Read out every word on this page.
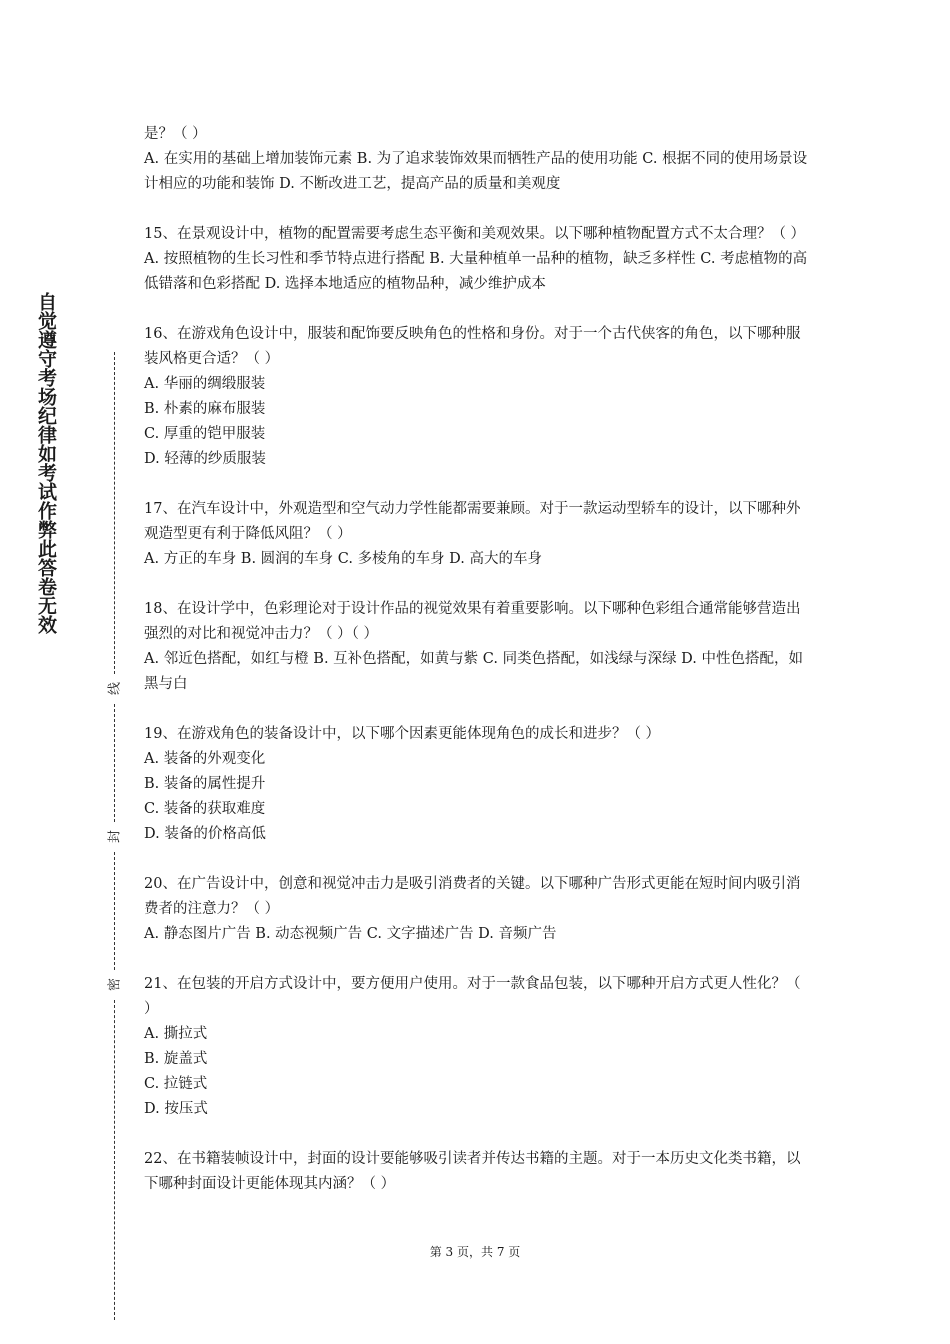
自觉遵守考场纪律如考试作弊此答卷无效
线
封
密
是？（ ）
A. 在实用的基础上增加装饰元素 B. 为了追求装饰效果而牺牲产品的使用功能 C. 根据不同的使用场景设计相应的功能和装饰 D. 不断改进工艺，提高产品的质量和美观度
15、在景观设计中，植物的配置需要考虑生态平衡和美观效果。以下哪种植物配置方式不太合理？（ ）
A. 按照植物的生长习性和季节特点进行搭配 B. 大量种植单一品种的植物，缺乏多样性 C. 考虑植物的高低错落和色彩搭配 D. 选择本地适应的植物品种，减少维护成本
16、在游戏角色设计中，服装和配饰要反映角色的性格和身份。对于一个古代侠客的角色，以下哪种服装风格更合适？（ ）
A. 华丽的绸缎服装
B. 朴素的麻布服装
C. 厚重的铠甲服装
D. 轻薄的纱质服装
17、在汽车设计中，外观造型和空气动力学性能都需要兼顾。对于一款运动型轿车的设计，以下哪种外观造型更有利于降低风阻？（ ）
A. 方正的车身 B. 圆润的车身 C. 多棱角的车身 D. 高大的车身
18、在设计学中，色彩理论对于设计作品的视觉效果有着重要影响。以下哪种色彩组合通常能够营造出强烈的对比和视觉冲击力？（ ）（ ）
A. 邻近色搭配，如红与橙 B. 互补色搭配，如黄与紫 C. 同类色搭配，如浅绿与深绿 D. 中性色搭配，如黑与白
19、在游戏角色的装备设计中，以下哪个因素更能体现角色的成长和进步？（ ）
A. 装备的外观变化
B. 装备的属性提升
C. 装备的获取难度
D. 装备的价格高低
20、在广告设计中，创意和视觉冲击力是吸引消费者的关键。以下哪种广告形式更能在短时间内吸引消费者的注意力？（ ）
A. 静态图片广告 B. 动态视频广告 C. 文字描述广告 D. 音频广告
21、在包装的开启方式设计中，要方便用户使用。对于一款食品包装，以下哪种开启方式更人性化？（ ）
A. 撕拉式
B. 旋盖式
C. 拉链式
D. 按压式
22、在书籍装帧设计中，封面的设计要能够吸引读者并传达书籍的主题。对于一本历史文化类书籍，以下哪种封面设计更能体现其内涵？（ ）
第 3 页，共 7 页
